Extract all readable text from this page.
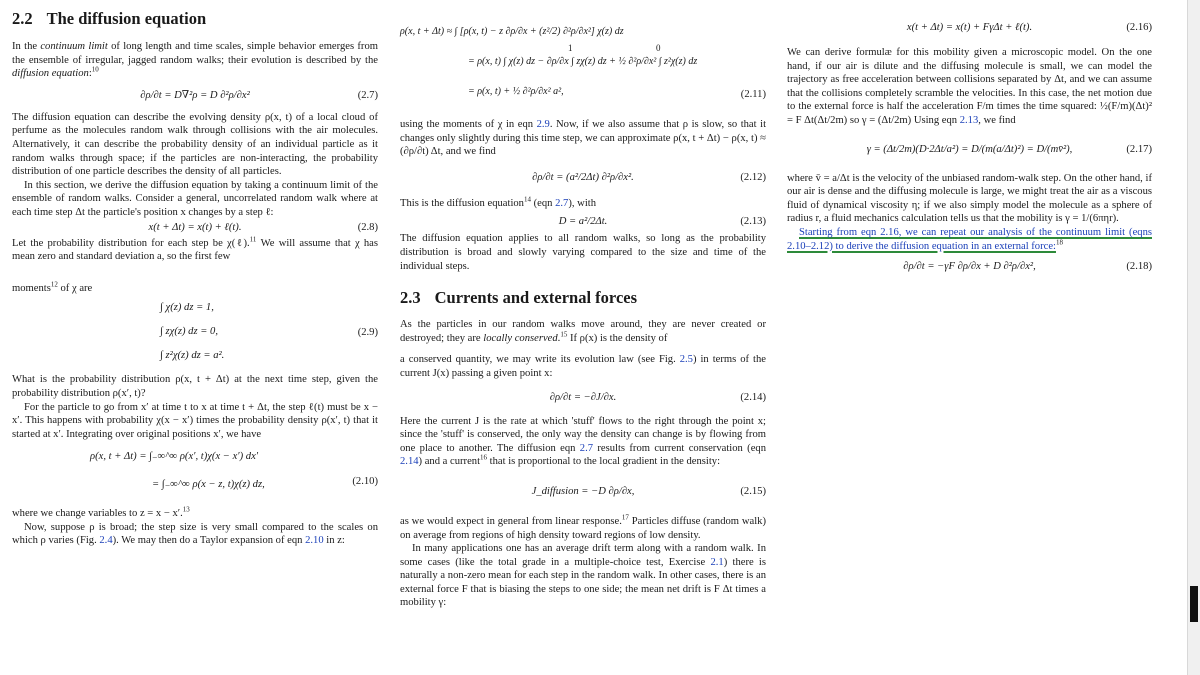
2.2 The diffusion equation

In the continuum limit of long length and time scales, simple behavior emerges from the ensemble of irregular, jagged random walks; their evolution is described by the diffusion equation:$^{10}$

∂ρ/∂t = D∇²ρ = D ∂²ρ/∂x²	(2.7)

The diffusion equation can describe the evolving density ρ(x, t) of a local cloud of perfume as the molecules random walk through collisions with the air molecules. Alternatively, it can describe the probability density of an individual particle as it random walks through space; if the particles are non-interacting, the probability distribution of one particle describes the density of all particles.

In this section, we derive the diffusion equation by taking a continuum limit of the ensemble of random walks. Consider a general, uncorrelated random walk where at each time step Δt the particle's position x changes by a step ℓ:

x(t + Δt) = x(t) + ℓ(t).	(2.8)

Let the probability distribution for each step be χ(ℓ).$^{11}$ We will assume that χ has mean zero and standard deviation a, so the first few

moments$^{12}$ of χ are

∫ χ(z) dz = 1,
∫ zχ(z) dz = 0,
∫ z²χ(z) dz = a².
(2.9)

What is the probability distribution ρ(x, t + Δt) at the next time step, given the probability distribution ρ(x′, t)?

For the particle to go from x′ at time t to x at time t + Δt, the step ℓ(t) must be x − x′. This happens with probability χ(x − x′) times the probability density ρ(x′, t) that it started at x′. Integrating over original positions x′, we have

ρ(x, t + Δt) = ∫₋∞^∞ ρ(x′, t)χ(x − x′) dx′
= ∫₋∞^∞ ρ(x − z, t)χ(z) dz,	(2.10)

where we change variables to z = x − x′.$^{13}$

Now, suppose ρ is broad; the step size is very small compared to the scales on which ρ varies (Fig. 2.4). We may then do a Taylor expansion of eqn 2.10 in z:

ρ(x, t + Δt) ≈ ∫ [ρ(x, t) − z ∂ρ/∂x + (z²/2) ∂²ρ/∂x²] χ(z) dz
1	0
= ρ(x, t) ∫ χ(z) dz − ∂ρ/∂x ∫ zχ(z) dz + ½ ∂²ρ/∂x² ∫ z²χ(z) dz
= ρ(x, t) + ½ ∂²ρ/∂x² a²,	(2.11)

using the moments of χ in eqn 2.9. Now, if we also assume that ρ is slow, so that it changes only slightly during this time step, we can approximate ρ(x, t + Δt) − ρ(x, t) ≈ (∂ρ/∂t) Δt, and we find

∂ρ/∂t = (a²/2Δt) ∂²ρ/∂x².	(2.12)

This is the diffusion equation$^{14}$ (eqn 2.7), with

D = a²/2Δt.	(2.13)

The diffusion equation applies to all random walks, so long as the probability distribution is broad and slowly varying compared to the size and time of the individual steps.

2.3 Currents and external forces

As the particles in our random walks move around, they are never created or destroyed; they are locally conserved.$^{15}$ If ρ(x) is the density of

a conserved quantity, we may write its evolution law (see Fig. 2.5) in terms of the current J(x) passing a given point x:

∂ρ/∂t = −∂J/∂x.	(2.14)

Here the current J is the rate at which 'stuff' flows to the right through the point x; since the 'stuff' is conserved, the only way the density can change is by flowing from one place to another. The diffusion eqn 2.7 results from current conservation (eqn 2.14) and a current$^{16}$ that is proportional to the local gradient in the density:

J_diffusion = −D ∂ρ/∂x,	(2.15)

as we would expect in general from linear response.$^{17}$ Particles diffuse (random walk) on average from regions of high density toward regions of low density.

In many applications one has an average drift term along with a random walk. In some cases (like the total grade in a multiple-choice test, Exercise 2.1) there is naturally a non-zero mean for each step in the random walk. In other cases, there is an external force F that is biasing the steps to one side; the mean net drift is F Δt times a mobility γ:

x(t + Δt) = x(t) + FγΔt + ℓ(t).	(2.16)

We can derive formulæ for this mobility given a microscopic model. On the one hand, if our air is dilute and the diffusing molecule is small, we can model the trajectory as free acceleration between collisions separated by Δt, and we can assume that the collisions completely scramble the velocities. In this case, the net motion due to the external force is half the acceleration F/m times the time squared: ½(F/m)(Δt)² = F Δt(Δt/2m) so γ = (Δt/2m) Using eqn 2.13, we find

γ = (Δt/2m)(D·2Δt/a²) = D/(m(a/Δt)²) = D/(mv̄²),	(2.17)

where v̄ = a/Δt is the velocity of the unbiased random-walk step. On the other hand, if our air is dense and the diffusing molecule is large, we might treat the air as a viscous fluid of dynamical viscosity η; if we also simply model the molecule as a sphere of radius r, a fluid mechanics calculation tells us that the mobility is γ = 1/(6πηr).

Starting from eqn 2.16, we can repeat our analysis of the continuum limit (eqns 2.10–2.12) to derive the diffusion equation in an external force:$^{18}$

∂ρ/∂t = −γF ∂ρ/∂x + D ∂²ρ/∂x²,	(2.18)
